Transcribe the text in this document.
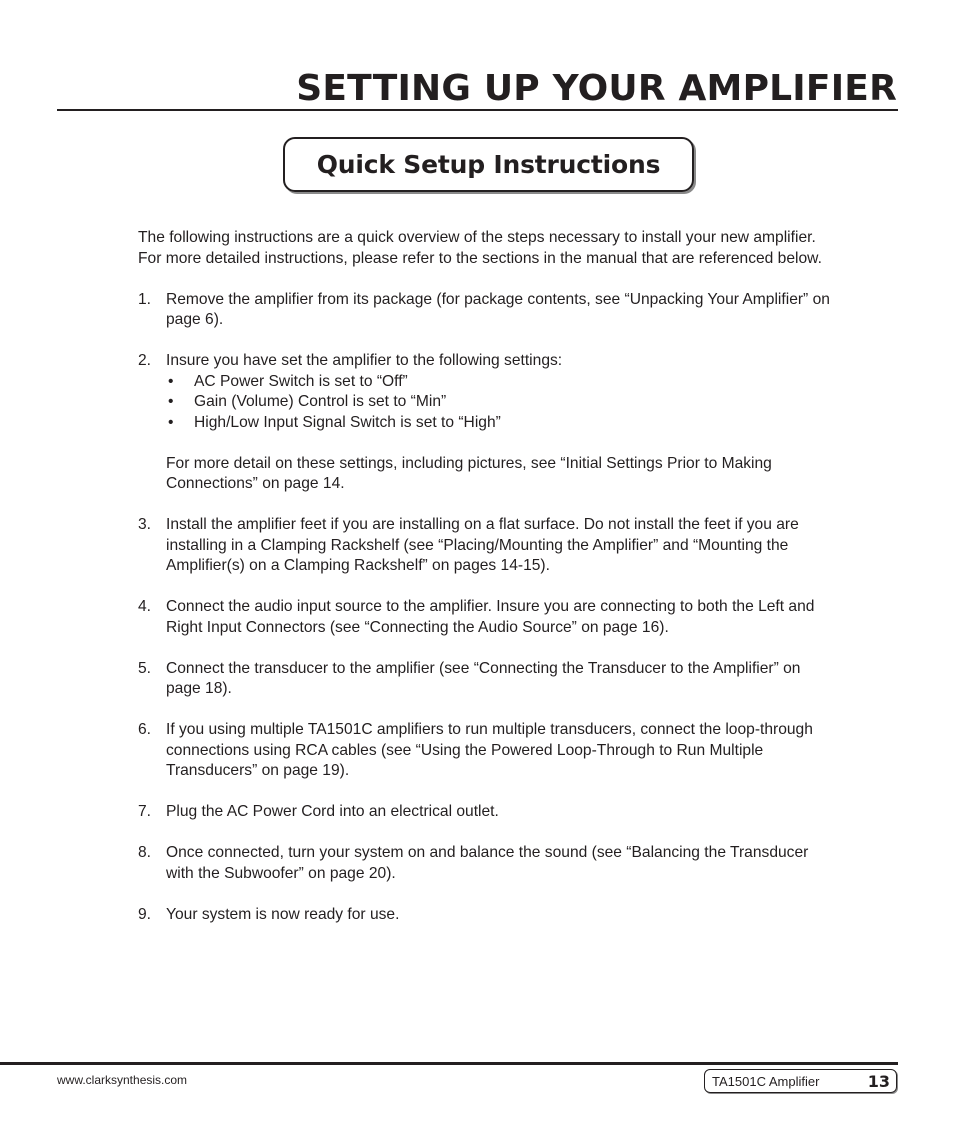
SETTING UP YOUR AMPLIFIER
Quick Setup Instructions

The following instructions are a quick overview of the steps necessary to install your new amplifier. For more detailed instructions, please refer to the sections in the manual that are referenced below.

1. Remove the amplifier from its package (for package contents, see “Unpacking Your Amplifier” on page 6).
2. Insure you have set the amplifier to the following settings:
• AC Power Switch is set to “Off”
• Gain (Volume) Control is set to “Min”
• High/Low Input Signal Switch is set to “High”

For more detail on these settings, including pictures, see “Initial Settings Prior to Making Connections” on page 14.

3. Install the amplifier feet if you are installing on a flat surface. Do not install the feet if you are installing in a Clamping Rackshelf (see “Placing/Mounting the Amplifier” and “Mounting the Amplifier(s) on a Clamping Rackshelf” on pages 14-15).
4. Connect the audio input source to the amplifier. Insure you are connecting to both the Left and Right Input Connectors (see “Connecting the Audio Source” on page 16).
5. Connect the transducer to the amplifier (see “Connecting the Transducer to the Amplifier” on page 18).
6. If you using multiple TA1501C amplifiers to run multiple transducers, connect the loop-through connections using RCA cables (see “Using the Powered Loop-Through to Run Multiple Transducers” on page 19).
7. Plug the AC Power Cord into an electrical outlet.
8. Once connected, turn your system on and balance the sound (see “Balancing the Transducer with the Subwoofer” on page 20).
9. Your system is now ready for use.
www.clarksynthesis.com	TA1501C Amplifier	13
